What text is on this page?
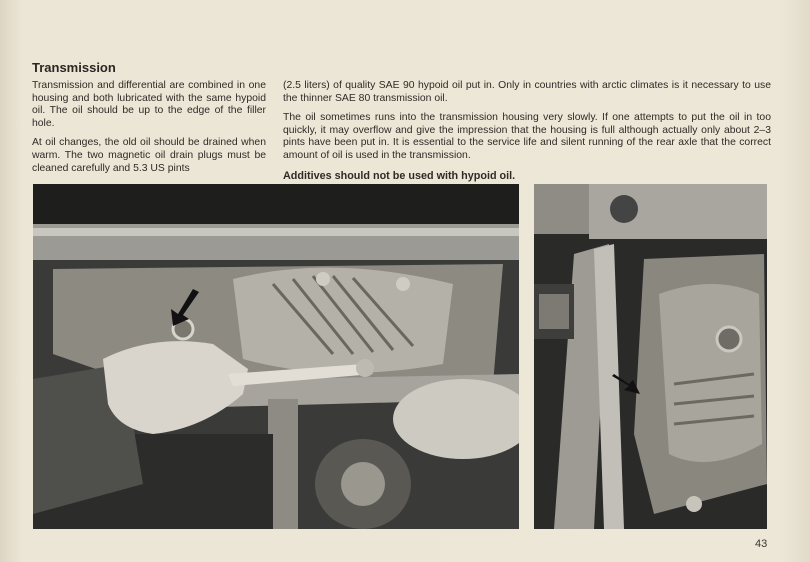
Transmission

Transmission and differential are combined in one housing and both lubricated with the same hypoid oil. The oil should be up to the edge of the filler hole.

At oil changes, the old oil should be drained when warm. The two magnetic oil drain plugs must be cleaned carefully and 5.3 US pints

(2.5 liters) of quality SAE 90 hypoid oil put in. Only in countries with arctic climates is it necessary to use the thinner SAE 80 transmission oil.

The oil sometimes runs into the transmission housing very slowly. If one attempts to put the oil in too quickly, it may overflow and give the impression that the housing is full although actually only about 2–3 pints have been put in. It is essential to the service life and silent running of the rear axle that the correct amount of oil is used in the transmission.

Additives should not be used with hypoid oil.

43
